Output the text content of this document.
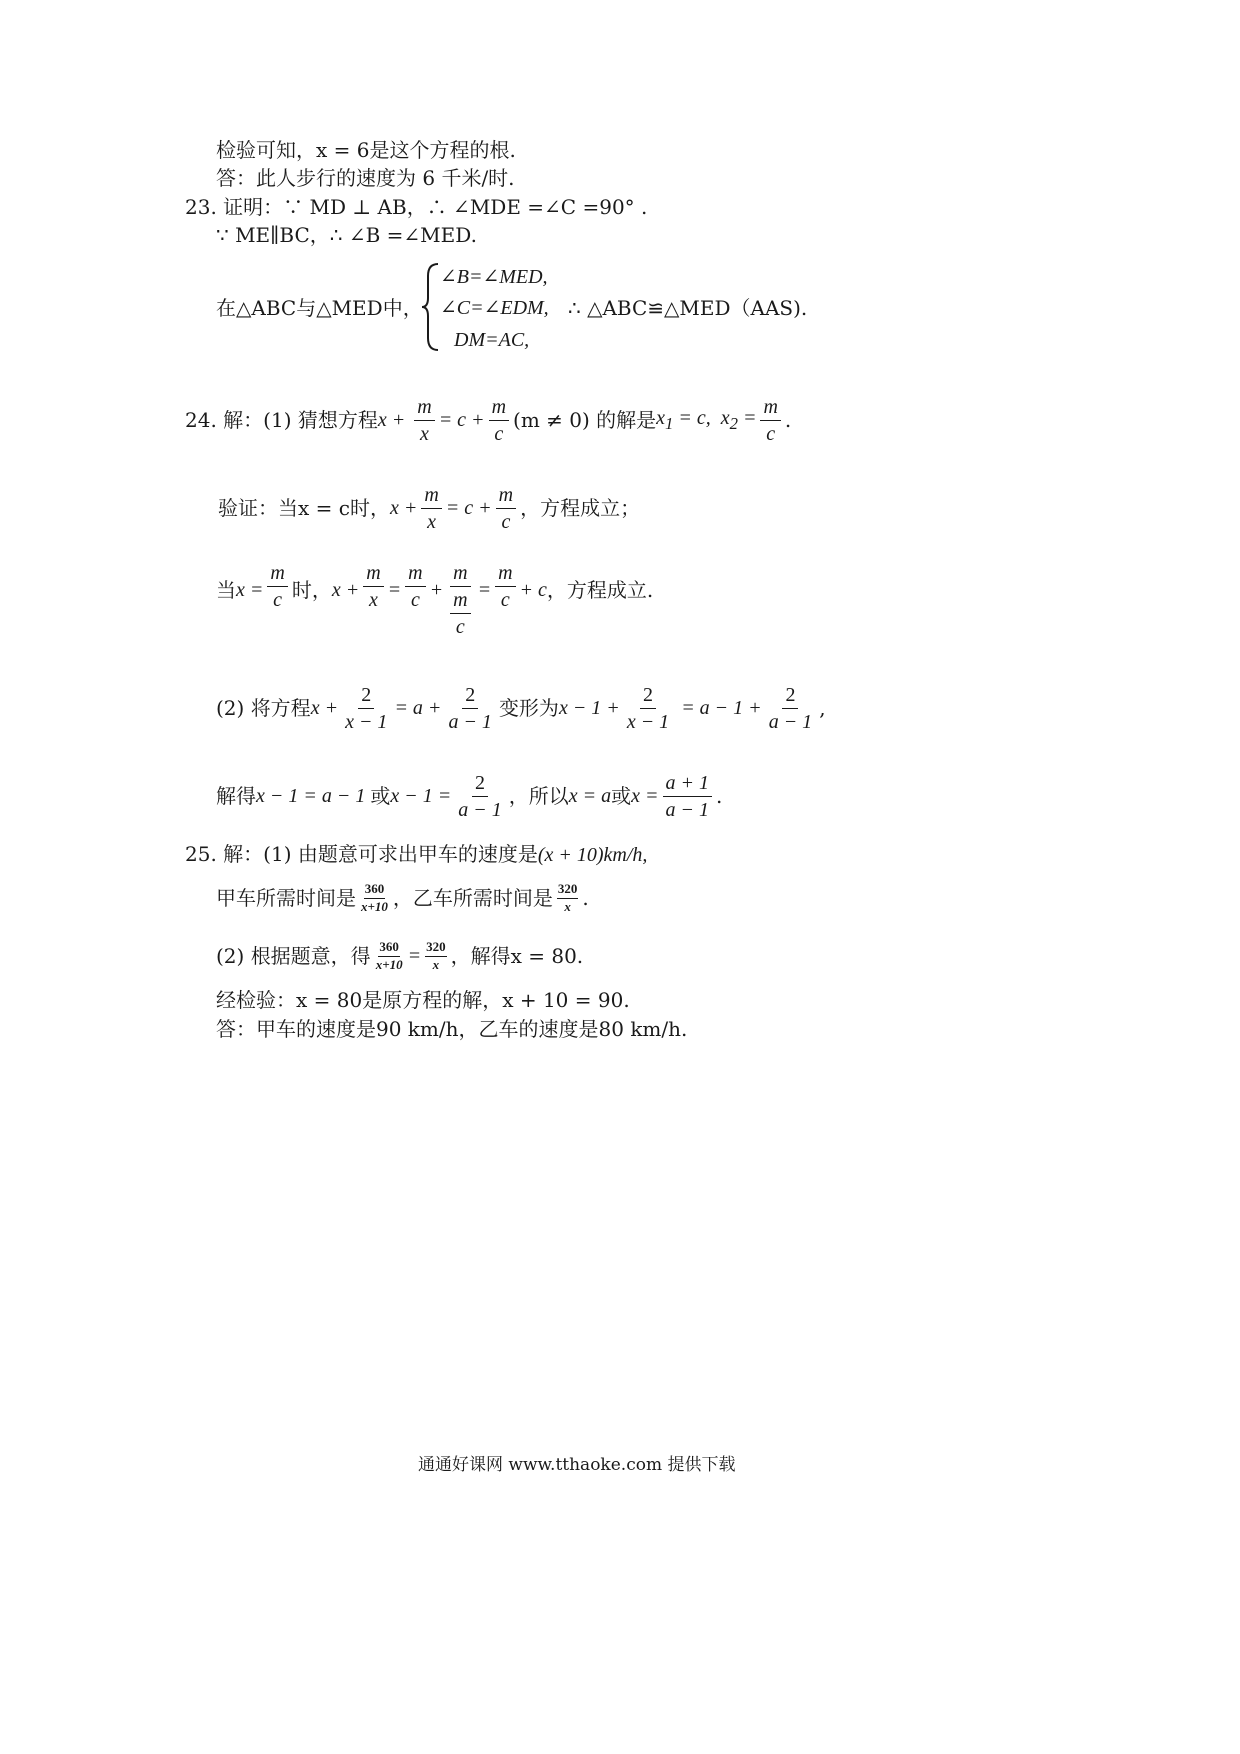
检验可知，x = 6是这个方程的根.
答：此人步行的速度为 6 千米/时.
23. 证明：∵ MD ⊥ AB，∴ ∠MDE =∠C =90° .
∵ ME∥BC，∴ ∠B =∠MED.
在△ABC与△MED中，
∠B=∠MED,
∠C=∠EDM,
DM=AC,
∴ △ABC≌△MED（AAS).
24. 解：(1) 猜想方程 $x + \frac{m}{x} = c + \frac{m}{c} (m \ne 0)$ 的解是 $x_1 = c$,  $x_2 = \frac{m}{c}$ .
验证：当x = c时， $x + \frac{m}{x} = c + \frac{m}{c}$ ，方程成立；
当 $x = \frac{m}{c}$ 时， $x + \frac{m}{x} = \frac{m}{c} + m$
m
$c = \frac{m}{c} + c$ ，方程成立.
(2) 将方程 $x + \frac{2}{x - 1} = a + \frac{2}{a - 1}$ 变形为 $x - 1 + \frac{2}{x - 1} = a - 1 + \frac{2}{a - 1}$ ,
解得 x − 1 = a − 1 或 $x - 1 = \frac{2}{a - 1}$ ，所以 x = a 或 $x = \frac{a + 1}{a - 1}$ .
25. 解：(1) 由题意可求出甲车的速度是(x + 10)km/h,
甲车所需时间是 $\frac{360}{x+10}$ ，乙车所需时间是 $\frac{320}{x}$ .
(2) 根据题意，得 $\frac{360}{x+10} = \frac{320}{x}$ ，解得x = 80.
经检验：x = 80是原方程的解，x + 10 = 90.
答：甲车的速度是90 km/h，乙车的速度是80 km/h.
通通好课网 www.tthaoke.com 提供下载
